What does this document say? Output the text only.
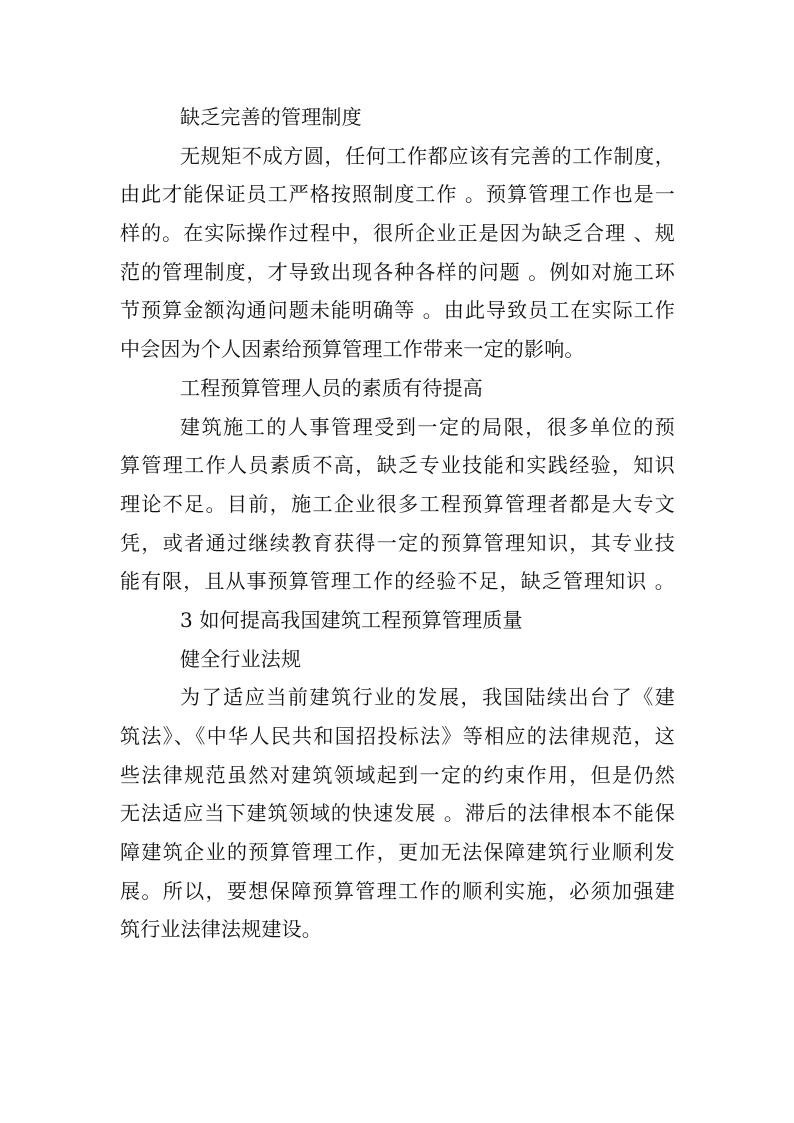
缺乏完善的管理制度
无规矩不成方圆，任何工作都应该有完善的工作制度，
由此才能保证员工严格按照制度工作 。预算管理工作也是一
样的。在实际操作过程中，很所企业正是因为缺乏合理 、规
范的管理制度，才导致出现各种各样的问题 。例如对施工环
节预算金额沟通问题未能明确等 。由此导致员工在实际工作
中会因为个人因素给预算管理工作带来一定的影响。
工程预算管理人员的素质有待提高
建筑施工的人事管理受到一定的局限，很多单位的预
算管理工作人员素质不高，缺乏专业技能和实践经验，知识
理论不足。目前，施工企业很多工程预算管理者都是大专文
凭，或者通过继续教育获得一定的预算管理知识，其专业技
能有限，且从事预算管理工作的经验不足，缺乏管理知识 。
3 如何提高我国建筑工程预算管理质量
健全行业法规
为了适应当前建筑行业的发展，我国陆续出台了《建
筑法》、《中华人民共和国招投标法》等相应的法律规范，这
些法律规范虽然对建筑领域起到一定的约束作用，但是仍然
无法适应当下建筑领域的快速发展 。滞后的法律根本不能保
障建筑企业的预算管理工作，更加无法保障建筑行业顺利发
展。所以，要想保障预算管理工作的顺利实施，必须加强建
筑行业法律法规建设。
